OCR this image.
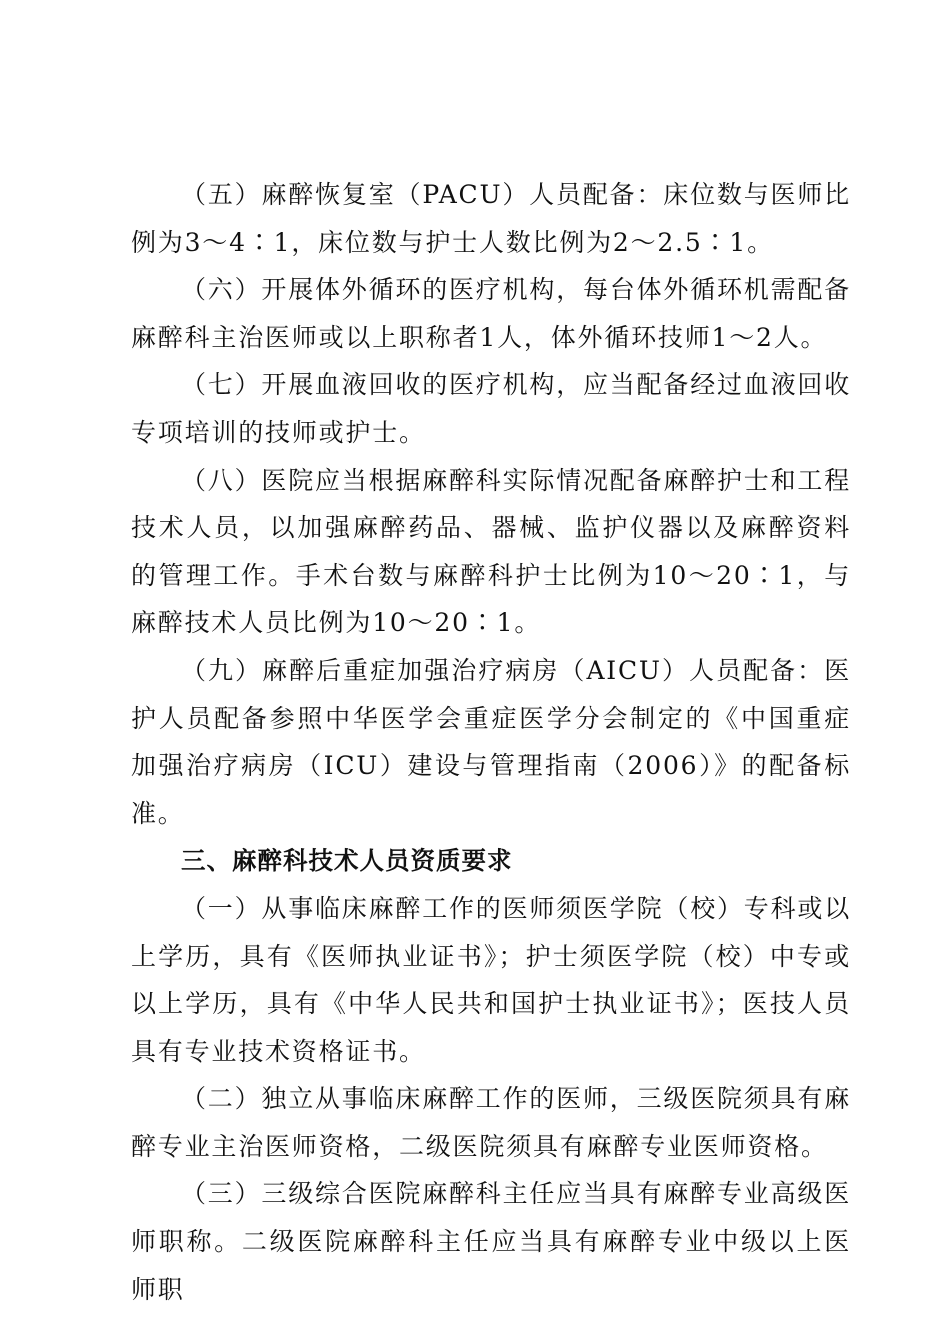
（五）麻醉恢复室（PACU）人员配备：床位数与医师比例为3～4∶1，床位数与护士人数比例为2～2.5∶1。

（六）开展体外循环的医疗机构，每台体外循环机需配备麻醉科主治医师或以上职称者1人，体外循环技师1～2人。

（七）开展血液回收的医疗机构，应当配备经过血液回收专项培训的技师或护士。

（八）医院应当根据麻醉科实际情况配备麻醉护士和工程技术人员，以加强麻醉药品、器械、监护仪器以及麻醉资料的管理工作。手术台数与麻醉科护士比例为10～20∶1，与麻醉技术人员比例为10～20∶1。

（九）麻醉后重症加强治疗病房（AICU）人员配备：医护人员配备参照中华医学会重症医学分会制定的《中国重症加强治疗病房（ICU）建设与管理指南（2006）》的配备标准。

三、麻醉科技术人员资质要求

（一）从事临床麻醉工作的医师须医学院（校）专科或以上学历，具有《医师执业证书》；护士须医学院（校）中专或以上学历，具有《中华人民共和国护士执业证书》；医技人员具有专业技术资格证书。

（二）独立从事临床麻醉工作的医师，三级医院须具有麻醉专业主治医师资格，二级医院须具有麻醉专业医师资格。

（三）三级综合医院麻醉科主任应当具有麻醉专业高级医师职称。二级医院麻醉科主任应当具有麻醉专业中级以上医师职
